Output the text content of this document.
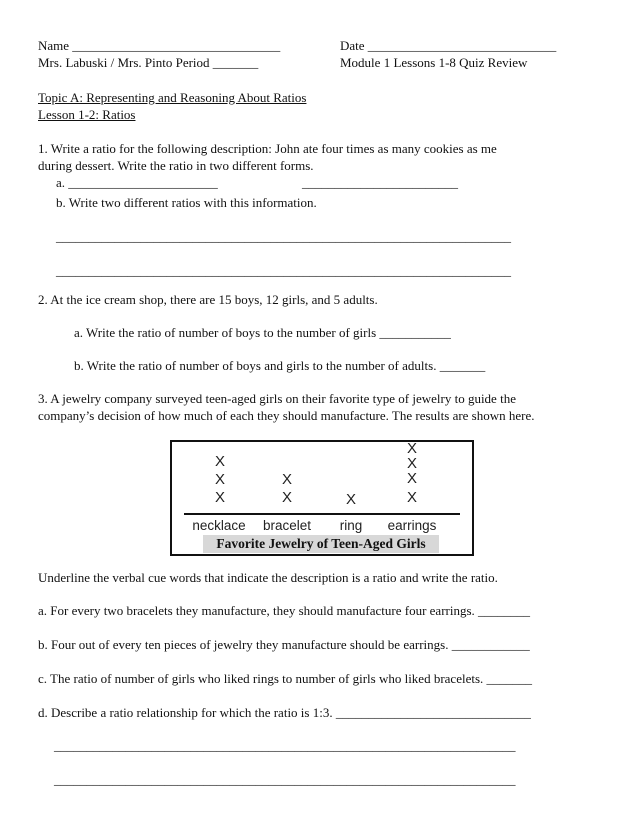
Name ________________________________	Date _____________________________
Mrs. Labuski / Mrs. Pinto Period _______	Module 1 Lessons 1-8 Quiz Review
Topic A: Representing and Reasoning About Ratios
Lesson 1-2: Ratios
1. Write a ratio for the following description: John ate four times as many cookies as me
during dessert. Write the ratio in two different forms.
a. _______________________	________________________
b. Write two different ratios with this information.
______________________________________________________________________
______________________________________________________________________
2. At the ice cream shop, there are 15 boys, 12 girls, and 5 adults.
a. Write the ratio of number of boys to the number of girls ___________
b. Write the ratio of number of boys and girls to the number of adults. _______
3. A jewelry company surveyed teen-aged girls on their favorite type of jewelry to guide the
company’s decision of how much of each they should manufacture. The results are shown here.
X
X
X
X
X	X
X
X
X
X
necklace	bracelet	ring	earrings
Favorite Jewelry of Teen-Aged Girls
Underline the verbal cue words that indicate the description is a ratio and write the ratio.
a. For every two bracelets they manufacture, they should manufacture four earrings. ________
b. Four out of every ten pieces of jewelry they manufacture should be earrings. ____________
c. The ratio of number of girls who liked rings to number of girls who liked bracelets. _______
d. Describe a ratio relationship for which the ratio is 1:3. ______________________________
_______________________________________________________________________
_______________________________________________________________________
